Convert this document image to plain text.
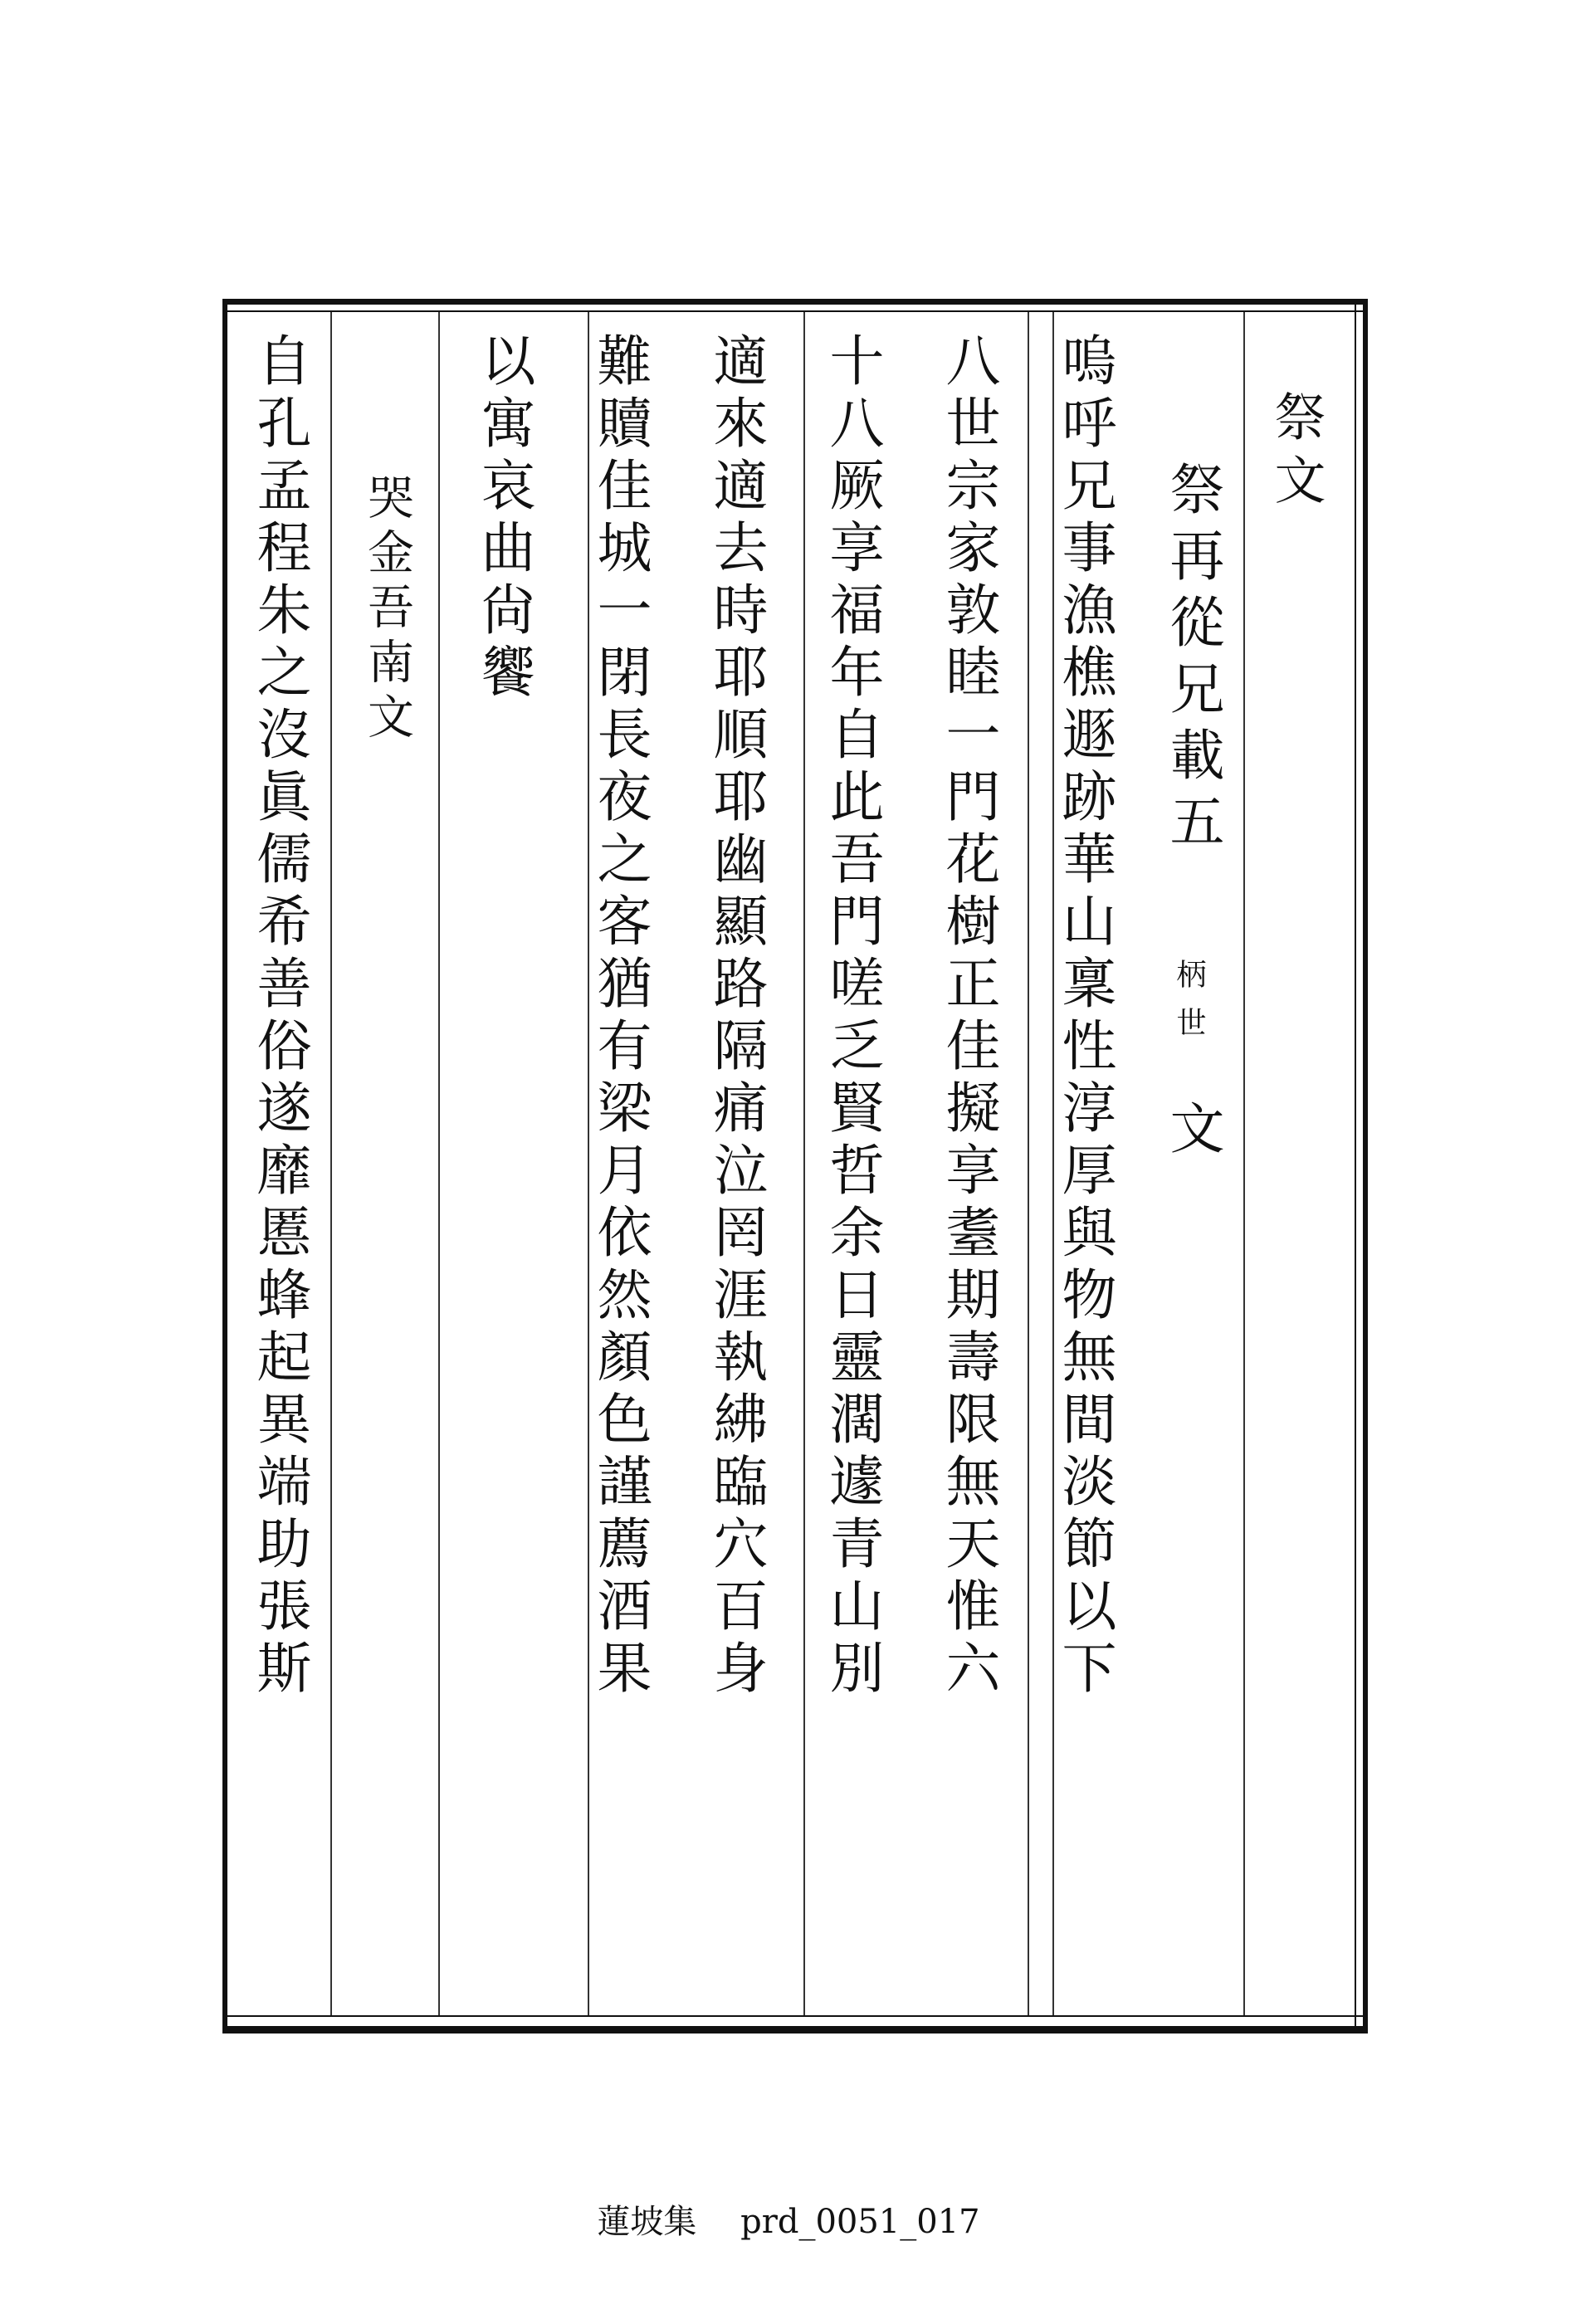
祭文
祭再從兄載五
柄世
文
嗚呼兄事漁樵遯跡華山稟性淳厚與物無間淡節以下
八世宗家敦睦一門花樹正佳擬享耋期壽限無天惟六
十八厥享福年自此吾門嗟乏賢哲余日靈濶遽青山別
適來適去時耶順耶幽顯路隔痛泣罔涯執紼臨穴百身
難贖佳城一閉長夜之客猶有梁月依然顏色謹薦酒果
以寓哀曲尙饗
哭金吾南文
自孔孟程朱之沒眞儒希善俗遂靡慝蜂起異端助張斯
蓮坡集 prd_0051_017
